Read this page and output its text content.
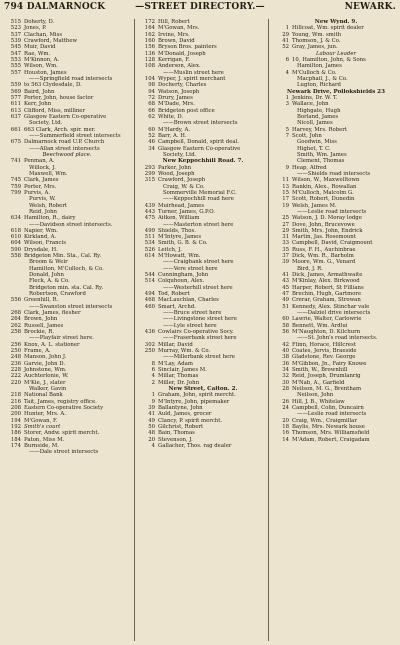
794 DALMARNOCK	—STREET DIRECTORY.—	NEWARK.
515 Doherty, D.
523 Jones, P.
537 Clachan, Miss
539 Crawford, Matthew
545 Muir, David
547 Rae, Wm.
553 M'Kinnon, A.
555 Wilson, Wm.
557 Houston, James
——Springfield road intersects
559 to 563 Clydesdale, D.
569 Baird, John
577 Porter, John, house factor
611 Kerr, John
613 Clifford, Miss, milliner
637 Glasgow Eastern Co-operative
Society, Ltd.
661 663 Clark, Arch. spir. mer.
——Summerfield street intersects
675 Dalmarnock road U.P. Church
——Allan street intersects
Beechwood place.
741 Penman, A.
Willock, J.
Maxwell, Wm.
745 Clark, James
759 Porter, Mrs.
799 Purvis, A.
Purvis, W.
Welsh, Robert
Reid, John
634 Hamilton, R., dairy
——Davidson street intersects.
618 Napier, Wm.
610 Kirkland, A.
604 Wilson, Francis
590 Drysdale, H.
558 Bridgeton Min. Sta., Cal. Ry.
Broom & Weir
Hamilton, M'Culloch, & Co.
Donald, John
Fleck, A. & Co.
Bridgeton min. sta. Cal. Ry.
Robertson, Crawford
556 Greenhill, R.
——Swanston street intersects
268 Clark, James, flesher
264 Brown, John
262 Russell, James
258 Brockie, R.
——Playfair street here.
256 Knox, A. L. stationer
250 Frame, A.
248 Manson, John J.
236 Garvie, John D.
228 Johnstone, Wm.
222 Auchterlonie, W.
220 M'Kie, J., slater
Walker, Gavin
218 National Bank
216 Tait, James, registry office.
208 Eastern Co-operative Society
200 Hunter, Mrs. A.
194 M'Gowan, F.
192 Smith's court
186 Storer, Andw. spirit mercht.
184 Paton, Miss M.
174 Burnside, M.
——Dale street intersects
172 Hill, Robert
164 M'Gowan, Mrs.
162 Irvine, Mrs.
160 Brown, David
156 Bryson Bros. painters
136 M'Donald, Joseph
128 Kerrigan, F.
108 Anderson, Alex.
——Muslin street here
104 Wyper, J. spirit merchant
98 Docherty, Charles
94 Watson, Joseph
72 Drury, James
68 M'Dade, Mrs.
66 Bridgeton post office
62 White, D.
——Brown street intersects
60 M'Hardy, A.
52 Barr, A. H.
46 Campbell, Donald, spirit deal.
34 Glasgow Eastern Co-operative
Society, Ltd.
New Keppochhill Road. 7.
293 Parker, John
299 Wood, Joseph
315 Crawford, Joseph
Craig, W. & Co.
Sommerville Memorial F.C.
——Keppochhill road here
439 Muirhead, James
443 Turner, James, G.P.O.
475 Aitken, William
——Masterton street here
499 Shields, Thos.
511 M'Intyre, James
534 Smith, G. B. & Co.
526 Leitch, J.
614 M'Howatt, Wm.
——Craigbank street here
——Vere street here
544 Cunningham, John
514 Colquhoun, Alex.
——Westerhill street here
494 Tod, Robert
468 MacLauchlan, Charles
460 Smart, Archd.
——Bruce street here
——Livingstone street here
——Lyle street here
436 Cowlairs Co-operative Socy.
——Fraserbank street here
302 Millar, David
250 Murray, Wm. & Co.
——Millerbank street here
8 M'Lay, Adam
6 Sinclair, James M.
4 Millar, Thomas
2 Miller, Dr. John
New Street, Calton. 2.
1 Graham, John, spirit mercht.
9 M'Intyre, John, pipemaker
39 Ballantyne, John
41 Auld, James, grocer
49 Clancy, P. spirit mercht.
50 Gilchrist, Robert
48 Bain, Thomas
20 Stevenson, J.
4 Gallacher, Thos. rag dealer
New Wynd. 9.
1 Hillcoat, Wm. spirit dealer
29 Young, Wm. smith
41 Thomson, J. & Co.
52 Gray, James, jun.
Labour Leader
6 10, Hamilton, John, & Sons
Hamilton, James
4 M'Culloch & Co.
Macphail, J., & Co.
Lugton, Richard
Newark Drive, Pollokshields 23
1 Jenkins, Dr. W. T.
3 Wallace, John
Highgate, Hugh
Borland, James
Nicoll, James
5 Harvey, Mrs. Robert
7 Scott, John
Goodwin, Miss
Highet, T. C.
Smith, Wm. James
Clement, Thomas
9 Heap, Alfred
——Shields road intersects
11 Wilson, W., Maxwelltown
13 Rankin, Alex., Rowallan
15 M'Culloch, Malcolm G.
17 Scott, Robert, Dunedin
19 Welsh, James M.
——Leslie road intersects
25 Watson, J. D. Moray lodge
27 Dove, John, Brucevowe
29 Smith, Mrs. John, Endrick
31 Martin, Jas. Rosemount
33 Campbell, David, Craigmount
35 Russ, F. H., Auchinbrae
37 Dick, Wm. R., Barholm
39 Moore, Wm. G., Venard
Bird, J. R.
41 Dick, James, Armathwaite
43 M'Kinlay, Alex. Birkwood
45 Harper, Robert, St Fillians
47 Brechin, Hugh, Gartmore
49 Crerar, Graham, Strowan
51 Kennedy, Alex. Stinchar vale
——Dalziel drive intersects
60 Lawrie, Walter, Carlowrie
58 Bennett, Wm. Ardlui
56 M'Naughton, D. Kilchurn
——St. John's road intersects.
42 Flinn, Horace, Hillcrest
40 Coates, Jervis, Braeside
38 Gladstone, Rev. George
36 M'Gibbon, Jn., Fairy Knowe
34 Smith, W., Brownhill
32 Reid, Joseph, Drumlanrig
30 M'Nab, A., Garfield
28 Neilson, M. G., Brentham
Neilson, John
26 Hill, J. B., Whitelaw
24 Campbell, Colin, Duncairn
——Leslie road intersects
20 Craig, Wm., Craigmillar
18 Baylis, Mrs. Newark house
16 Thomson, Mrs. Williamsfield
14 M'Adam, Robert, Craigadam
